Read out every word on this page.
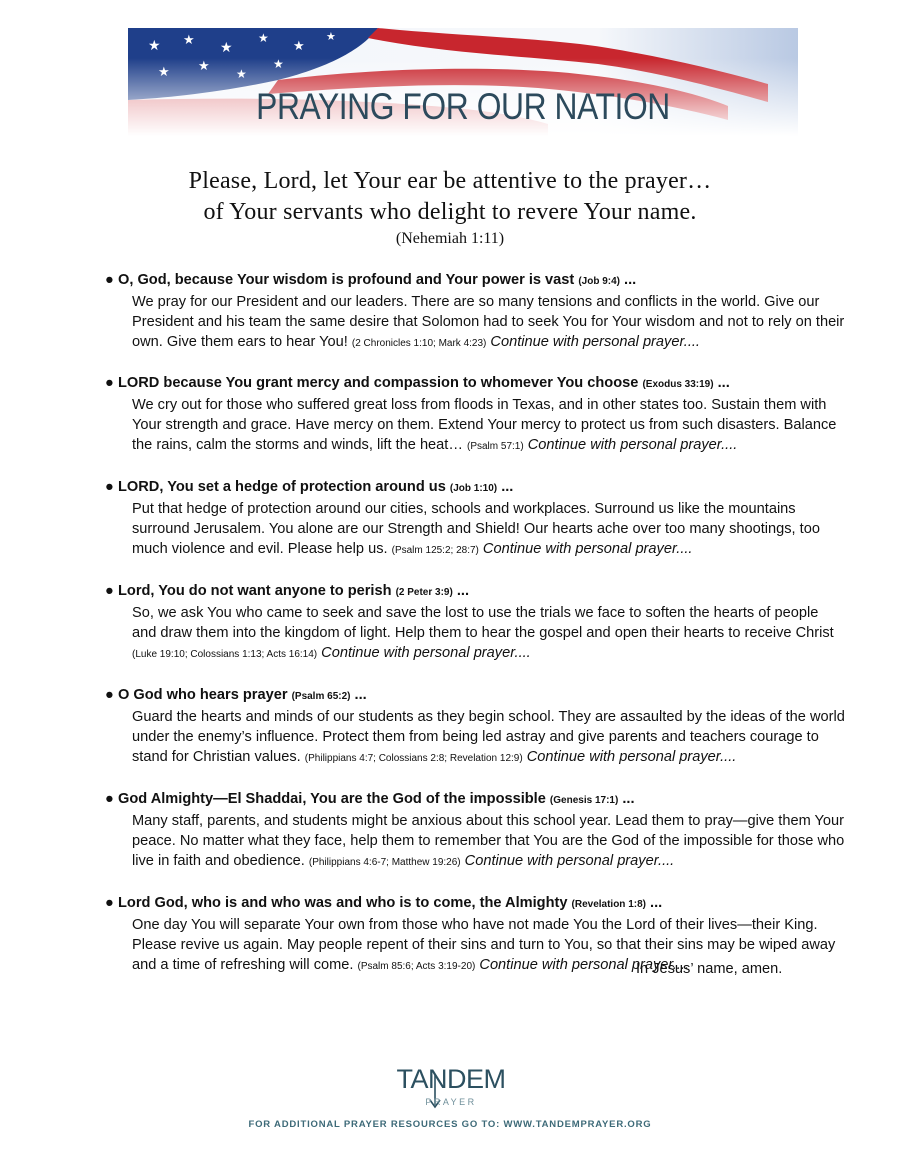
★ ★ ★
★ ★
★
PRAYING FOR OUR NATION
Please, Lord, let Your ear be attentive to the prayer…
of Your servants who delight to revere Your name.
(Nehemiah 1:11)
● O, God, because Your wisdom is profound and Your power is vast (Job 9:4) ...
We pray for our President and our leaders. There are so many tensions and conflicts in the world. Give our President and his team the same desire that Solomon had to seek You for Your wisdom and not to rely on their own. Give them ears to hear You! (2 Chronicles 1:10; Mark 4:23) Continue with personal prayer....
● LORD because You grant mercy and compassion to whomever You choose (Exodus 33:19) ...
We cry out for those who suffered great loss from floods in Texas, and in other states too. Sustain them with Your strength and grace. Have mercy on them. Extend Your mercy to protect us from such disasters. Balance the rains, calm the storms and winds, lift the heat… (Psalm 57:1) Continue with personal prayer....
● LORD, You set a hedge of protection around us (Job 1:10) ...
Put that hedge of protection around our cities, schools and workplaces. Surround us like the mountains surround Jerusalem. You alone are our Strength and Shield! Our hearts ache over too many shootings, too much violence and evil. Please help us. (Psalm 125:2; 28:7) Continue with personal prayer....
● Lord, You do not want anyone to perish (2 Peter 3:9) ...
So, we ask You who came to seek and save the lost to use the trials we face to soften the hearts of people and draw them into the kingdom of light. Help them to hear the gospel and open their hearts to receive Christ (Luke 19:10; Colossians 1:13; Acts 16:14) Continue with personal prayer....
● O God who hears prayer (Psalm 65:2) ...
Guard the hearts and minds of our students as they begin school. They are assaulted by the ideas of the world under the enemy’s influence. Protect them from being led astray and give parents and teachers courage to stand for Christian values. (Philippians 4:7; Colossians 2:8; Revelation 12:9) Continue with personal prayer....
● God Almighty—El Shaddai, You are the God of the impossible (Genesis 17:1) ...
Many staff, parents, and students might be anxious about this school year. Lead them to pray—give them Your peace. No matter what they face, help them to remember that You are the God of the impossible for those who live in faith and obedience. (Philippians 4:6-7; Matthew 19:26) Continue with personal prayer....
● Lord God, who is and who was and who is to come, the Almighty (Revelation 1:8) ...
One day You will separate Your own from those who have not made You the Lord of their lives—their King. Please revive us again. May people repent of their sins and turn to You, so that their sins may be wiped away and a time of refreshing will come. (Psalm 85:6; Acts 3:19-20) Continue with personal prayer....
In Jesus’ name, amen.
TANDEM
PRAYER
FOR ADDITIONAL PRAYER RESOURCES GO TO: WWW.TANDEMPRAYER.ORG
